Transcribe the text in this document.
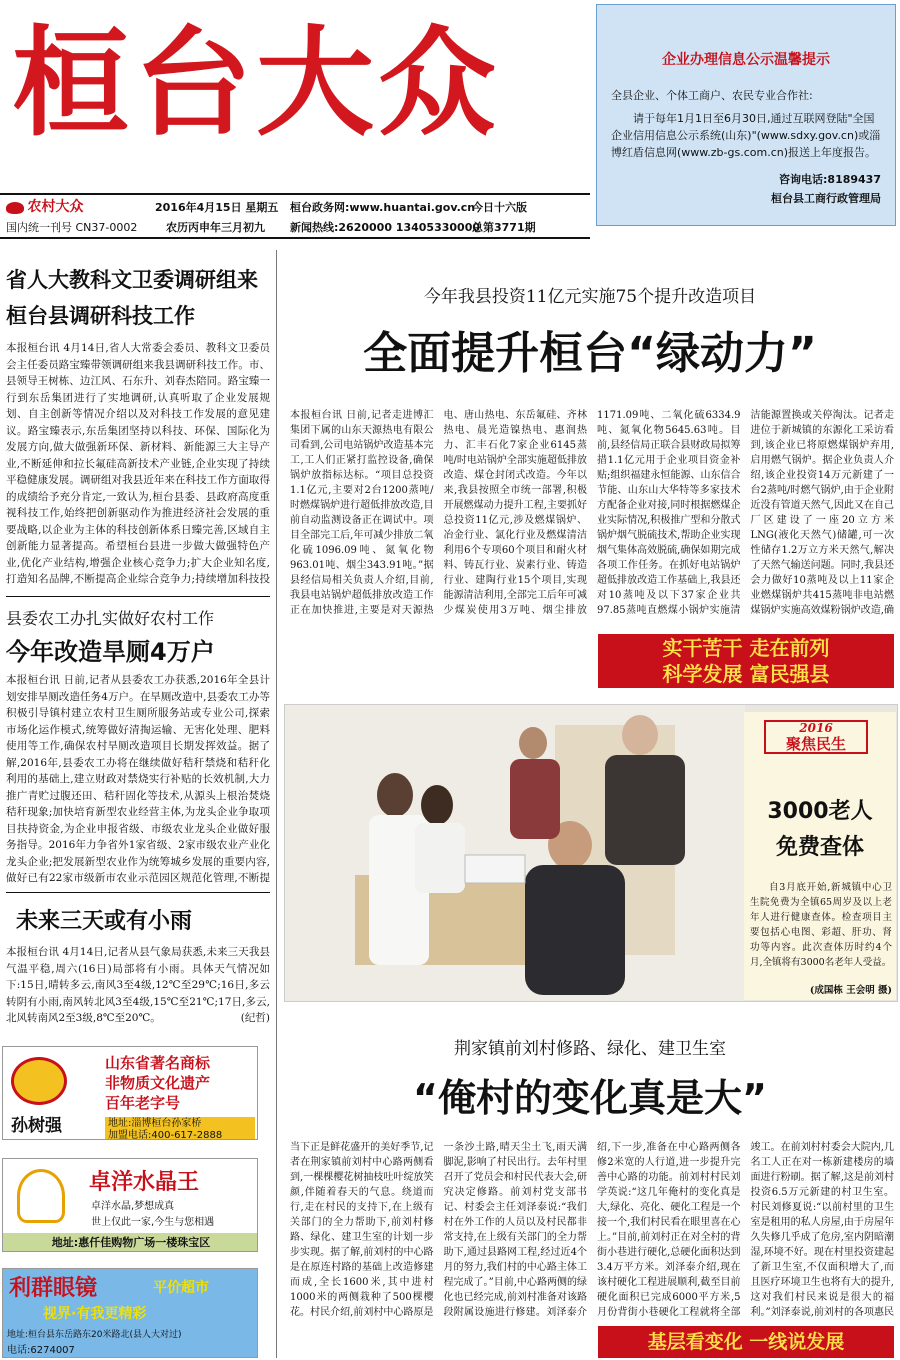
桓台大众
农村大众
国内统一刊号 CN37-0002
2016年4月15日 星期五
农历丙申年三月初九
桓台政务网:www.huantai.gov.cn
新闻热线:2620000 13405330000
今日十六版
总第3771期
企业办理信息公示温馨提示

全县企业、个体工商户、农民专业合作社:

请于每年1月1日至6月30日,通过互联网登陆"全国企业信用信息公示系统(山东)"(www.sdxy.gov.cn)或淄博红盾信息网(www.zb-gs.com.cn)报送上年度报告。

咨询电话:8189437

桓台县工商行政管理局

省人大教科文卫委调研组来桓台县调研科技工作
本报桓台讯 4月14日,省人大常委会委员、教科文卫委员会主任委员路宝臻带领调研组来我县调研科技工作。市、县领导王树栋、边江风、石东升、刘春杰陪同。路宝臻一行到东岳集团进行了实地调研,认真听取了企业发展规划、自主创新等情况介绍以及对科技工作发展的意见建议。路宝臻表示,东岳集团坚持以科技、环保、国际化为发展方向,做大做强新环保、新材料、新能源三大主导产业,不断延伸和拉长氟硅高新技术产业链,企业实现了持续平稳健康发展。调研组对我县近年来在科技工作方面取得的成绩给予充分肯定,一致认为,桓台县委、县政府高度重视科技工作,始终把创新驱动作为推进经济社会发展的重要战略,以企业为主体的科技创新体系日臻完善,区域自主创新能力显著提高。希望桓台县进一步做大做强特色产业,优化产业结构,增强企业核心竞争力;扩大企业知名度,打造知名品牌,不断提高企业综合竞争力;持续增加科技投
县委农工办扎实做好农村工作
今年改造旱厕4万户
本报桓台讯 日前,记者从县委农工办获悉,2016年全县计划安排旱厕改造任务4万户。在旱厕改造中,县委农工办等积极引导镇村建立农村卫生厕所服务站或专业公司,探索市场化运作模式,统筹做好清掏运输、无害化处理、肥料使用等工作,确保农村旱厕改造项目长期发挥效益。据了解,2016年,县委农工办将在继续做好秸秆禁烧和秸秆化利用的基础上,建立财政对禁烧实行补贴的长效机制,大力推广青贮过腹还田、秸秆固化等技术,从源头上根治焚烧秸秆现象;加快培育新型农业经营主体,为龙头企业争取项目扶持资金,为企业申报省级、市级农业龙头企业做好服务指导。2016年力争省外1家省级、2家市级农业产业化龙头企业;把发展新型农业作为统筹城乡发展的重要内容,做好已有22家市级新市农业示范园区规范化管理,不断提
未来三天或有小雨
本报桓台讯 4月14日,记者从县气象局获悉,未来三天我县气温平稳,周六(16日)局部将有小雨。具体天气情况如下:15日,晴转多云,南风3至4级,12℃至29℃;16日,多云转阴有小雨,南风转北风3至4级,15℃至21℃;17日,多云,北风转南风2至3级,8℃至20℃。	(纪哲)
孙树强
山东省著名商标
非物质文化遗产
百年老字号
地址:淄博桓台孙家桥
加盟电话:400-617-2888
卓洋水晶王
卓洋水晶,梦想成真
世上仅此一家,今生与您相遇
地址:惠仟佳购物广场一楼珠宝区
利群眼镜	平价超市
视界·有我更精彩
地址:桓台县东岳路东20米路北(县人大对过)
电话:6274007
今年我县投资11亿元实施75个提升改造项目
全面提升桓台“绿动力”
本报桓台讯 日前,记者走进博汇集团下属的山东天源热电有限公司看到,公司电站锅炉改造基本完工,工人们正紧打监控设备,确保锅炉放指标达标。“项目总投资1.1亿元,主要对2台1200蒸吨/时燃煤锅炉进行超低排放改造,目前自动监测设备正在调试中。项目全部完工后,年可减少排放二氧化硫1096.09吨、氮氧化物963.01吨、烟尘343.91吨。”据县经信局相关负责人介绍,目前,我县电站锅炉超低排放改造工作正在加快推进,主要是对天源热电、唐山热电、东岳氟硅、齐林热电、晨光造镍热电、惠润热力、汇丰石化7家企业6145蒸吨/时电站锅炉全部实施超低排放改造、煤仓封闭式改造。今年以来,我县按照全市统一部署,积极开展燃煤动力提升工程,主要抓好总投资11亿元,涉及燃煤锅炉、冶金行业、氯化行业及燃煤清洁利用6个专项60个项目和耐火材料、铸瓦行业、炭素行业、铸造行业、建陶行业15个项目,实现能源清洁利用,全部完工后年可减少煤炭使用3万吨、烟尘排放1171.09吨、二氧化硫6334.9吨、氮氧化物5645.63吨。目前,县经信局正联合县财政局拟筹措1.1亿元用于企业项目资金补贴;组织福建永恒能源、山东信合节能、山东山大华特等多家技术方配备企业对接,同时根据燃煤企业实际情况,积极推广型和分散式锅炉烟气脱硫技术,帮助企业实现烟气集体高效脱硫,确保如期完成各项工作任务。在抓好电站锅炉超低排放改造工作基础上,我县还对10蒸吨及以下37家企业共97.85蒸吨直燃煤小锅炉实施清洁能源置换或关停淘汰。记者走进位于新城镇的东源化工采访看到,该企业已将原燃煤锅炉弃用,启用燃气锅炉。据企业负责人介绍,该企业投资14万元新建了一台2蒸吨/时燃气锅炉,由于企业附近没有管道天然气,因此又在自己厂区建设了一座20立方米LNG(液化天然气)储罐,可一次性储存1.2万立方米天然气,解决了天然气输送问题。同时,我县还会力做好10蒸吨及以上11家企业燃煤锅炉共415蒸吨非电站燃煤锅炉实施高效煤粉锅炉改造,确
实干苦干 走在前列
科学发展 富民强县
2016
聚焦民生
3000老人
免费查体
自3月底开始,新城镇中心卫生院免费为全镇65周岁及以上老年人进行健康查体。检查项目主要包括心电图、彩超、肝功、肾功等内容。此次查体历时约4个月,全镇将有3000名老年人受益。
(成国栋 王会明 摄)
荆家镇前刘村修路、绿化、建卫生室
“俺村的变化真是大”
当下正是鲜花盛开的美好季节,记者在荆家镇前刘村中心路两侧看到,一棵棵樱花树抽枝吐叶绽放笑颜,伴随着春天的气息。绕道而行,走在村民的支持下,在上级有关部门的全力帮助下,前刘村修路、绿化、建卫生室的计划一步步实现。据了解,前刘村的中心路是在原连村路的基础上改造修建而成,全长1600米,其中进村1000米的两侧栽种了500棵樱花。村民介绍,前刘村中心路原是一条沙土路,晴天尘土飞,雨天满脚泥,影响了村民出行。去年村里召开了党员会和村民代表大会,研究决定修路。前刘村党支部书记、村委会主任刘泽泰说:“我们村在外工作的人员以及村民都非常支持,在上级有关部门的全力帮助下,通过县路网工程,经过近4个月的努力,我们村的中心路主体工程完成了。”目前,中心路两侧的绿化也已经完成,前刘村准备对该路段附属设施进行修建。刘泽泰介绍,下一步,准备在中心路两侧各修2米宽的人行道,进一步提升完善中心路的功能。前刘村村民刘学英说:“这几年俺村的变化真是大,绿化、亮化、硬化工程是一个接一个,我们村民看在眼里喜在心上。”目前,前刘村正在对全村的背街小巷进行硬化,总硬化面积达到3.4万平方米。刘泽泰介绍,现在该村硬化工程进展顺利,截至目前硬化面积已完成6000平方米,5月份背街小巷硬化工程就将全部竣工。在前刘村村委会大院内,几名工人正在对一栋新建楼房的墙面进行粉刷。据了解,这是前刘村投资6.5万元新建的村卫生室。村民刘修夏说:“以前村里的卫生室是租用的私人房屋,由于房屋年久失修几乎成了危房,室内阴暗潮湿,环境不好。现在村里投资建起了新卫生室,不仅面积增大了,而且医疗环境卫生也将有大的提升,这对我们村民来说是很大的福利。”刘泽泰说,前刘村的各项惠民
基层看变化 一线说发展
